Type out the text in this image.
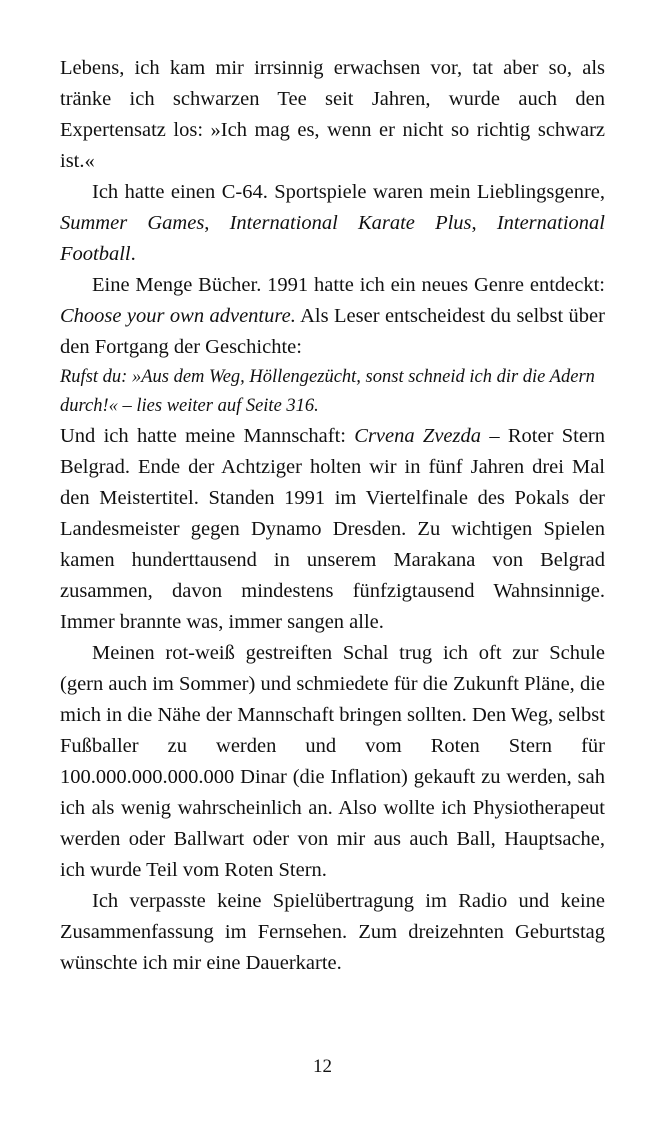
Lebens, ich kam mir irrsinnig erwachsen vor, tat aber so, als tränke ich schwarzen Tee seit Jahren, wurde auch den Expertensatz los: »Ich mag es, wenn er nicht so richtig schwarz ist.«

Ich hatte einen C-64. Sportspiele waren mein Lieblingsgenre, Summer Games, International Karate Plus, International Football.

Eine Menge Bücher. 1991 hatte ich ein neues Genre entdeckt: Choose your own adventure. Als Leser entscheidest du selbst über den Fortgang der Geschichte:

Rufst du: »Aus dem Weg, Höllengezücht, sonst schneid ich dir die Adern durch!« – lies weiter auf Seite 316.

Und ich hatte meine Mannschaft: Crvena Zvezda – Roter Stern Belgrad. Ende der Achtziger holten wir in fünf Jahren drei Mal den Meistertitel. Standen 1991 im Viertelfinale des Pokals der Landesmeister gegen Dynamo Dresden. Zu wichtigen Spielen kamen hunderttausend in unserem Marakana von Belgrad zusammen, davon mindestens fünfzigtausend Wahnsinnige. Immer brannte was, immer sangen alle.

Meinen rot-weiß gestreiften Schal trug ich oft zur Schule (gern auch im Sommer) und schmiedete für die Zukunft Pläne, die mich in die Nähe der Mannschaft bringen sollten. Den Weg, selbst Fußballer zu werden und vom Roten Stern für 100.000.000.000.000 Dinar (die Inflation) gekauft zu werden, sah ich als wenig wahrscheinlich an. Also wollte ich Physiotherapeut werden oder Ballwart oder von mir aus auch Ball, Hauptsache, ich wurde Teil vom Roten Stern.

Ich verpasste keine Spielübertragung im Radio und keine Zusammenfassung im Fernsehen. Zum dreizehnten Geburtstag wünschte ich mir eine Dauerkarte.

12
